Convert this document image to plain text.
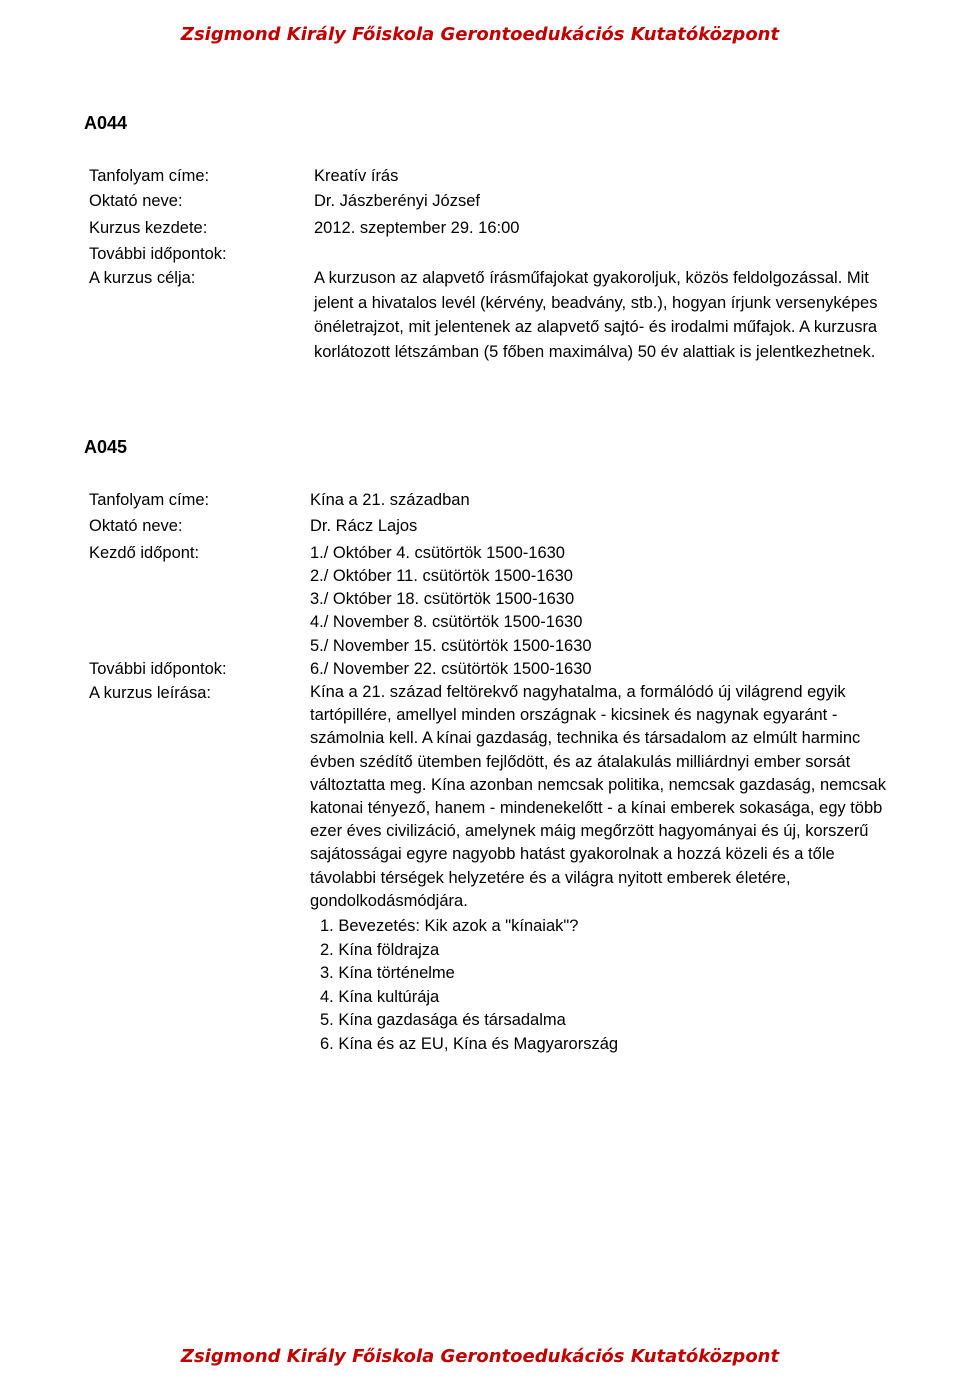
Zsigmond Király Főiskola Gerontoedukációs Kutatóközpont
A044
Tanfolyam címe:	Kreatív írás
Oktató neve:	Dr. Jászberényi József
Kurzus kezdete:	2012. szeptember 29. 16:00
További időpontok:
A kurzus célja:	A kurzuson az alapvető írásműfajokat gyakoroljuk, közös feldolgozással. Mit jelent a hivatalos levél (kérvény, beadvány, stb.), hogyan írjunk versenyképes önéletrajzot, mit jelentenek az alapvető sajtó- és irodalmi műfajok. A kurzusra korlátozott létszámban (5 főben maximálva) 50 év alattiak is jelentkezhetnek.
A045
Tanfolyam címe:	Kína a 21. században
Oktató neve:	Dr. Rácz Lajos
Kezdő időpont:	1./ Október 4. csütörtök 1500-1630
2./ Október 11. csütörtök 1500-1630
3./ Október 18. csütörtök 1500-1630
4./ November 8. csütörtök 1500-1630
5./ November 15. csütörtök 1500-1630
További időpontok:	6./ November 22. csütörtök 1500-1630
A kurzus leírása:	Kína a 21. század feltörekvő nagyhatalma, a formálódó új világrend egyik tartópillére, amellyel minden országnak - kicsinek és nagynak egyaránt - számolnia kell. A kínai gazdaság, technika és társadalom az elmúlt harminc évben szédítő ütemben fejlődött, és az átalakulás milliárdnyi ember sorsát változtatta meg. Kína azonban nemcsak politika, nemcsak gazdaság, nemcsak katonai tényező, hanem - mindenekelőtt - a kínai emberek sokasága, egy több ezer éves civilizáció, amelynek máig megőrzött hagyományai és új, korszerű sajátosságai egyre nagyobb hatást gyakorolnak a hozzá közeli és a tőle távolabbi térségek helyzetére és a világra nyitott emberek életére, gondolkodásmódjára.
1. Bevezetés: Kik azok a "kínaiak"?
2. Kína földrajza
3. Kína történelme
4. Kína kultúrája
5. Kína gazdasága és társadalma
6. Kína és az EU, Kína és Magyarország
Zsigmond Király Főiskola Gerontoedukációs Kutatóközpont
